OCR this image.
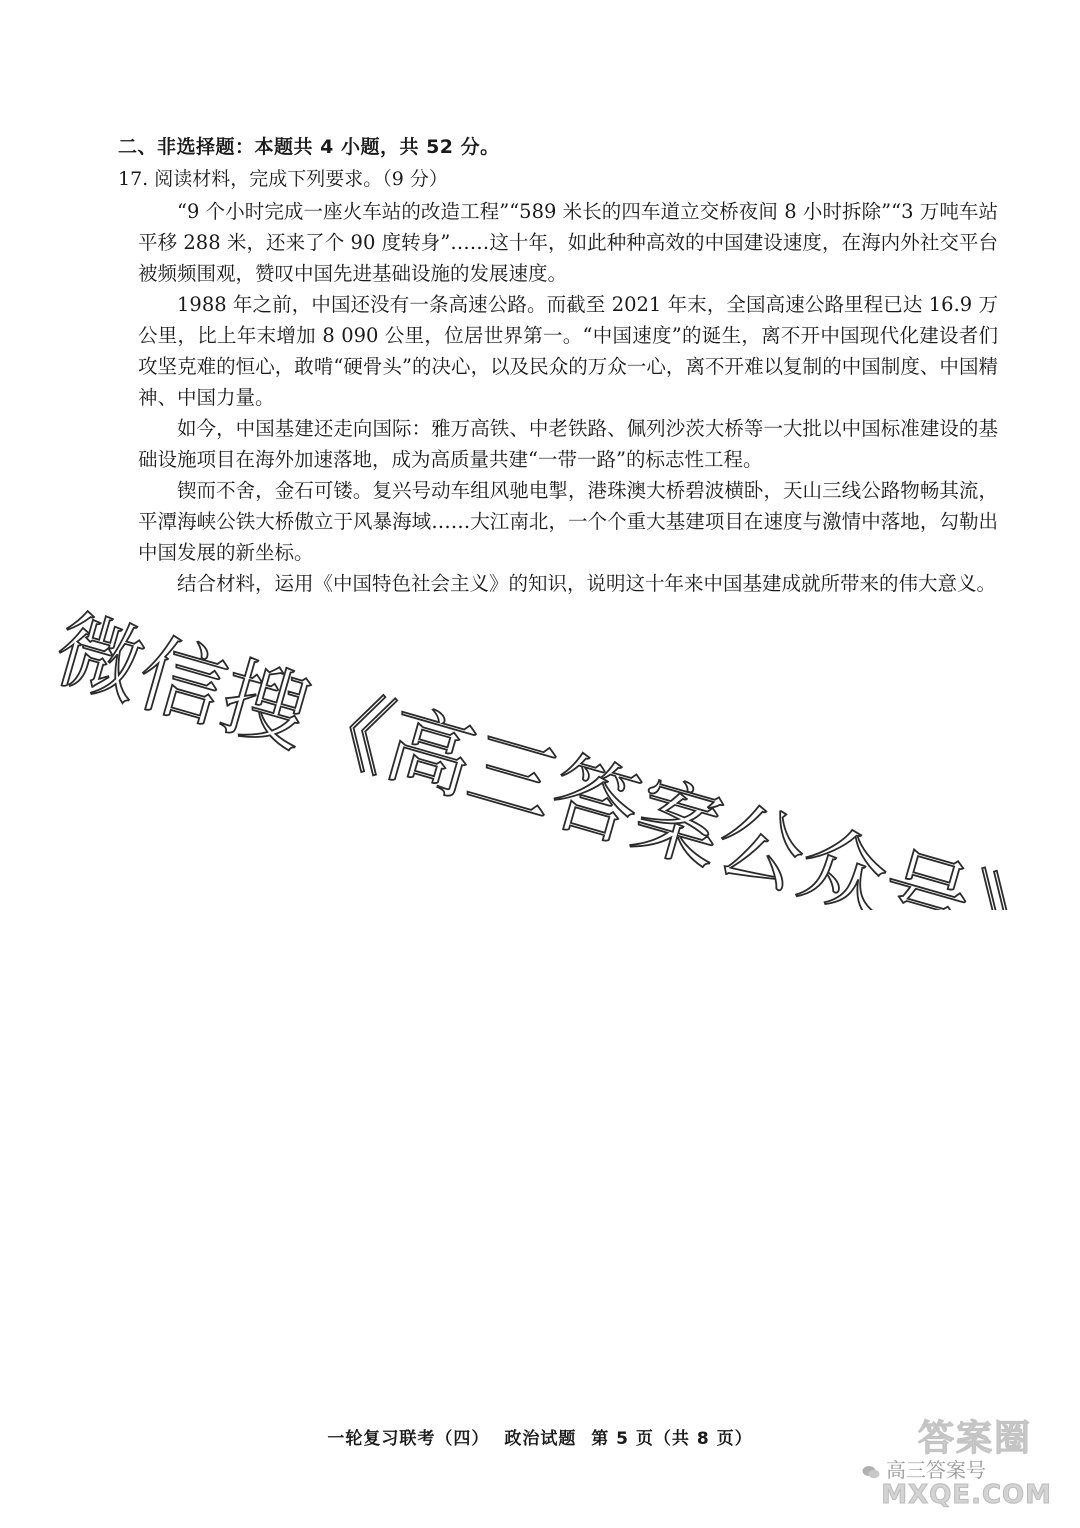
二、非选择题：本题共 4 小题，共 52 分。

17. 阅读材料，完成下列要求。（9 分）

“9 个小时完成一座火车站的改造工程”“589 米长的四车道立交桥夜间 8 小时拆除”“3 万吨车站平移 288 米，还来了个 90 度转身”……这十年，如此种种高效的中国建设速度，在海内外社交平台被频频围观，赞叹中国先进基础设施的发展速度。

1988 年之前，中国还没有一条高速公路。而截至 2021 年末，全国高速公路里程已达 16.9 万公里，比上年末增加 8 090 公里，位居世界第一。“中国速度”的诞生，离不开中国现代化建设者们攻坚克难的恒心，敢啃“硬骨头”的决心，以及民众的万众一心，离不开难以复制的中国制度、中国精神、中国力量。

如今，中国基建还走向国际：雅万高铁、中老铁路、佩列沙茨大桥等一大批以中国标准建设的基础设施项目在海外加速落地，成为高质量共建“一带一路”的标志性工程。

锲而不舍，金石可镂。复兴号动车组风驰电掣，港珠澳大桥碧波横卧，天山三线公路物畅其流，平潭海峡公铁大桥傲立于风暴海域……大江南北，一个个重大基建项目在速度与激情中落地，勾勒出中国发展的新坐标。

结合材料，运用《中国特色社会主义》的知识，说明这十年来中国基建成就所带来的伟大意义。

微信搜《高三答案公众号》
一轮复习联考（四） 政治试题 第 5 页（共 8 页）	答案圈
高三答案号
MXQE.COM
